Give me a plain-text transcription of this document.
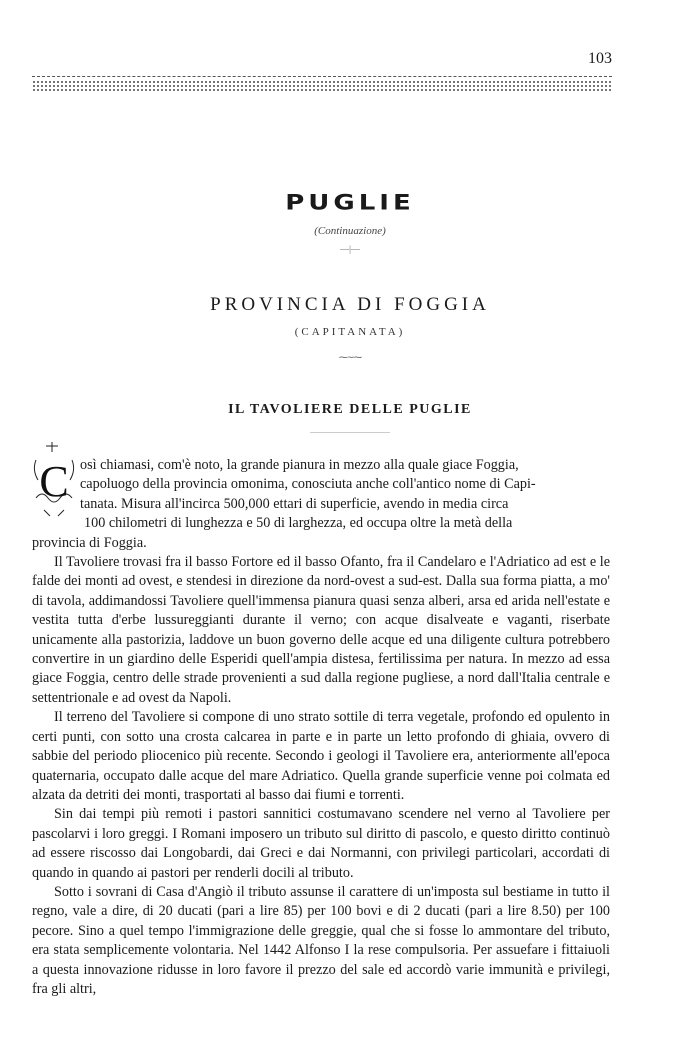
103
PUGLIE
(Continuazione)
—|—
PROVINCIA DI FOGGIA
(CAPITANATA)
⁓∼⁓
IL TAVOLIERE DELLE PUGLIE
C osì chiamasi, com'è noto, la grande pianura in mezzo alla quale giace Foggia,
capoluogo della provincia omonima, conosciuta anche coll'antico nome di Capi-
tanata. Misura all'incirca 500,000 ettari di superficie, avendo in media circa
100 chilometri di lunghezza e 50 di larghezza, ed occupa oltre la metà della
provincia di Foggia.

Il Tavoliere trovasi fra il basso Fortore ed il basso Ofanto, fra il Candelaro e l'Adriatico ad est e le falde dei monti ad ovest, e stendesi in direzione da nord-ovest a sud-est. Dalla sua forma piatta, a mo' di tavola, addimandossi Tavoliere quell'immensa pianura quasi senza alberi, arsa ed arida nell'estate e vestita tutta d'erbe lussureggianti durante il verno; con acque disalveate e vaganti, riserbate unicamente alla pastorizia, laddove un buon governo delle acque ed una diligente cultura potrebbero convertire in un giardino delle Esperidi quell'ampia distesa, fertilissima per natura. In mezzo ad essa giace Foggia, centro delle strade provenienti a sud dalla regione pugliese, a nord dall'Italia centrale e settentrionale e ad ovest da Napoli.

Il terreno del Tavoliere si compone di uno strato sottile di terra vegetale, profondo ed opulento in certi punti, con sotto una crosta calcarea in parte e in parte un letto profondo di ghiaia, ovvero di sabbie del periodo pliocenico più recente. Secondo i geologi il Tavoliere era, anteriormente all'epoca quaternaria, occupato dalle acque del mare Adriatico. Quella grande superficie venne poi colmata ed alzata da detriti dei monti, trasportati al basso dai fiumi e torrenti.

Sin dai tempi più remoti i pastori sannitici costumavano scendere nel verno al Tavoliere per pascolarvi i loro greggi. I Romani imposero un tributo sul diritto di pascolo, e questo diritto continuò ad essere riscosso dai Longobardi, dai Greci e dai Normanni, con privilegi particolari, accordati di quando in quando ai pastori per renderli docili al tributo.

Sotto i sovrani di Casa d'Angiò il tributo assunse il carattere di un'imposta sul bestiame in tutto il regno, vale a dire, di 20 ducati (pari a lire 85) per 100 bovi e di 2 ducati (pari a lire 8.50) per 100 pecore. Sino a quel tempo l'immigrazione delle greggie, qual che si fosse lo ammontare del tributo, era stata semplicemente volontaria. Nel 1442 Alfonso I la rese compulsoria. Per assuefare i fittaiuoli a questa innovazione ridusse in loro favore il prezzo del sale ed accordò varie immunità e privilegi, fra gli altri,
